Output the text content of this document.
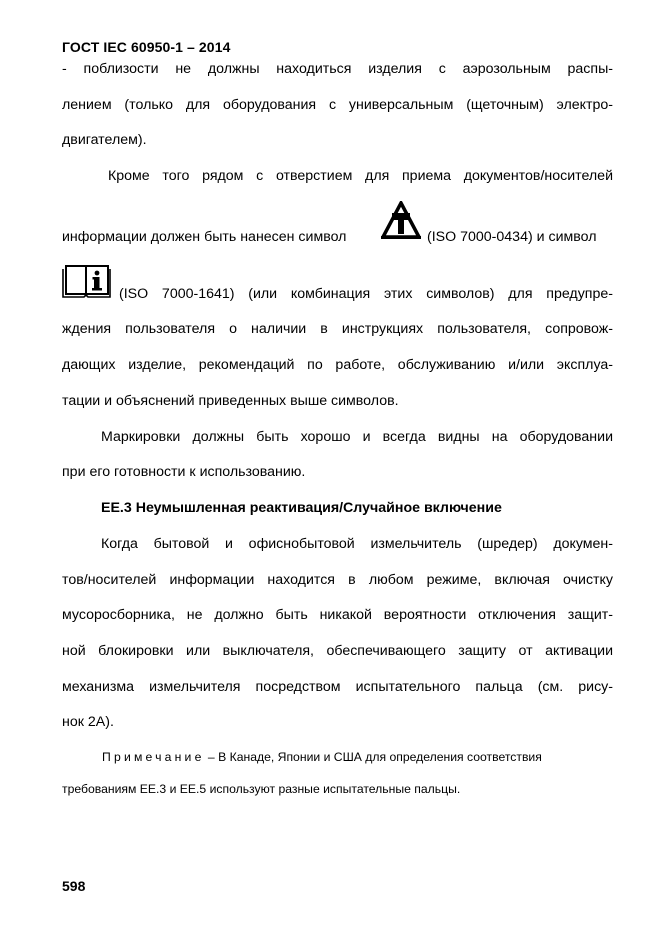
ГОСТ IEC 60950-1 – 2014
- поблизости не должны находиться изделия с аэрозольным распы-
лением (только для оборудования с универсальным (щеточным) электро-
двигателем).
Кроме того рядом с отверстием для приема документов/носителей
информации должен быть нанесен символ	(ISO 7000-0434) и символ
(ISO 7000-1641) (или комбинация этих символов) для предупре-
ждения пользователя о наличии в инструкциях пользователя, сопровож-
дающих изделие, рекомендаций по работе, обслуживанию и/или эксплуа-
тации и объяснений приведенных выше символов.
Маркировки должны быть хорошо и всегда видны на оборудовании
при его готовности к использованию.
EE.3 Неумышленная реактивация/Случайное включение
Когда бытовой и офиснобытовой измельчитель (шредер) докумен-
тов/носителей информации находится в любом режиме, включая очистку
мусоросборника, не должно быть никакой вероятности отключения защит-
ной блокировки или выключателя, обеспечивающего защиту от активации
механизма измельчителя посредством испытательного пальца (см. рису-
нок 2А).
Примечание – В Канаде, Японии и США для определения соответствия
требованиям EE.3 и EE.5 используют разные испытательные пальцы.
598
